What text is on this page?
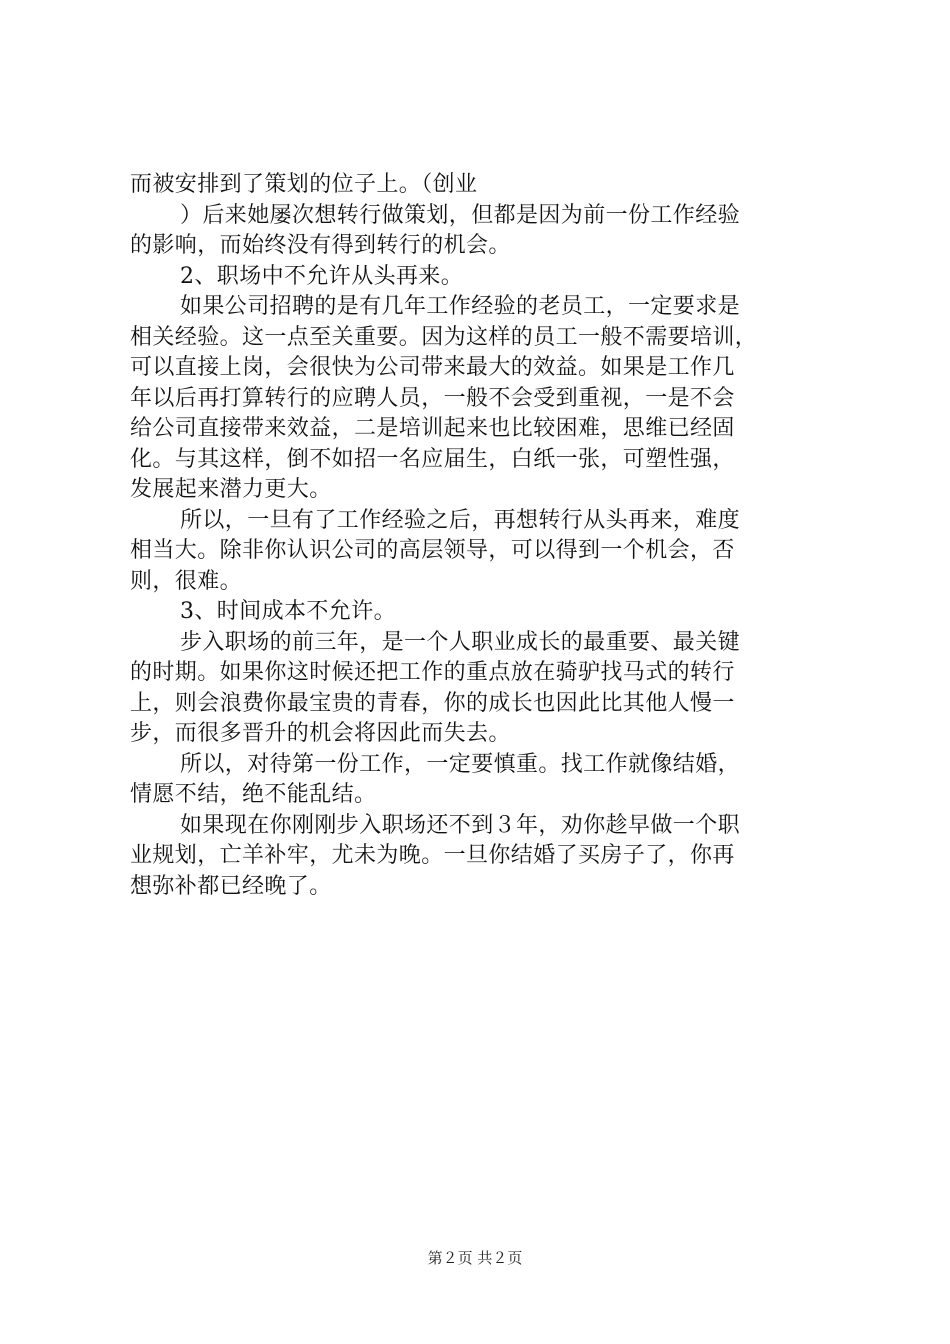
而被安排到了策划的位子上。（创业
）后来她屡次想转行做策划，但都是因为前一份工作经验
的影响，而始终没有得到转行的机会。
2、职场中不允许从头再来。
如果公司招聘的是有几年工作经验的老员工，一定要求是
相关经验。这一点至关重要。因为这样的员工一般不需要培训，
可以直接上岗，会很快为公司带来最大的效益。如果是工作几
年以后再打算转行的应聘人员，一般不会受到重视，一是不会
给公司直接带来效益，二是培训起来也比较困难，思维已经固
化。与其这样，倒不如招一名应届生，白纸一张，可塑性强，
发展起来潜力更大。
所以，一旦有了工作经验之后，再想转行从头再来，难度
相当大。除非你认识公司的高层领导，可以得到一个机会，否
则，很难。
3、时间成本不允许。
步入职场的前三年，是一个人职业成长的最重要、最关键
的时期。如果你这时候还把工作的重点放在骑驴找马式的转行
上，则会浪费你最宝贵的青春，你的成长也因此比其他人慢一
步，而很多晋升的机会将因此而失去。
所以，对待第一份工作，一定要慎重。找工作就像结婚，
情愿不结，绝不能乱结。
如果现在你刚刚步入职场还不到３年，劝你趁早做一个职
业规划，亡羊补牢，尤未为晚。一旦你结婚了买房子了，你再
想弥补都已经晚了。
第２页 共２页
